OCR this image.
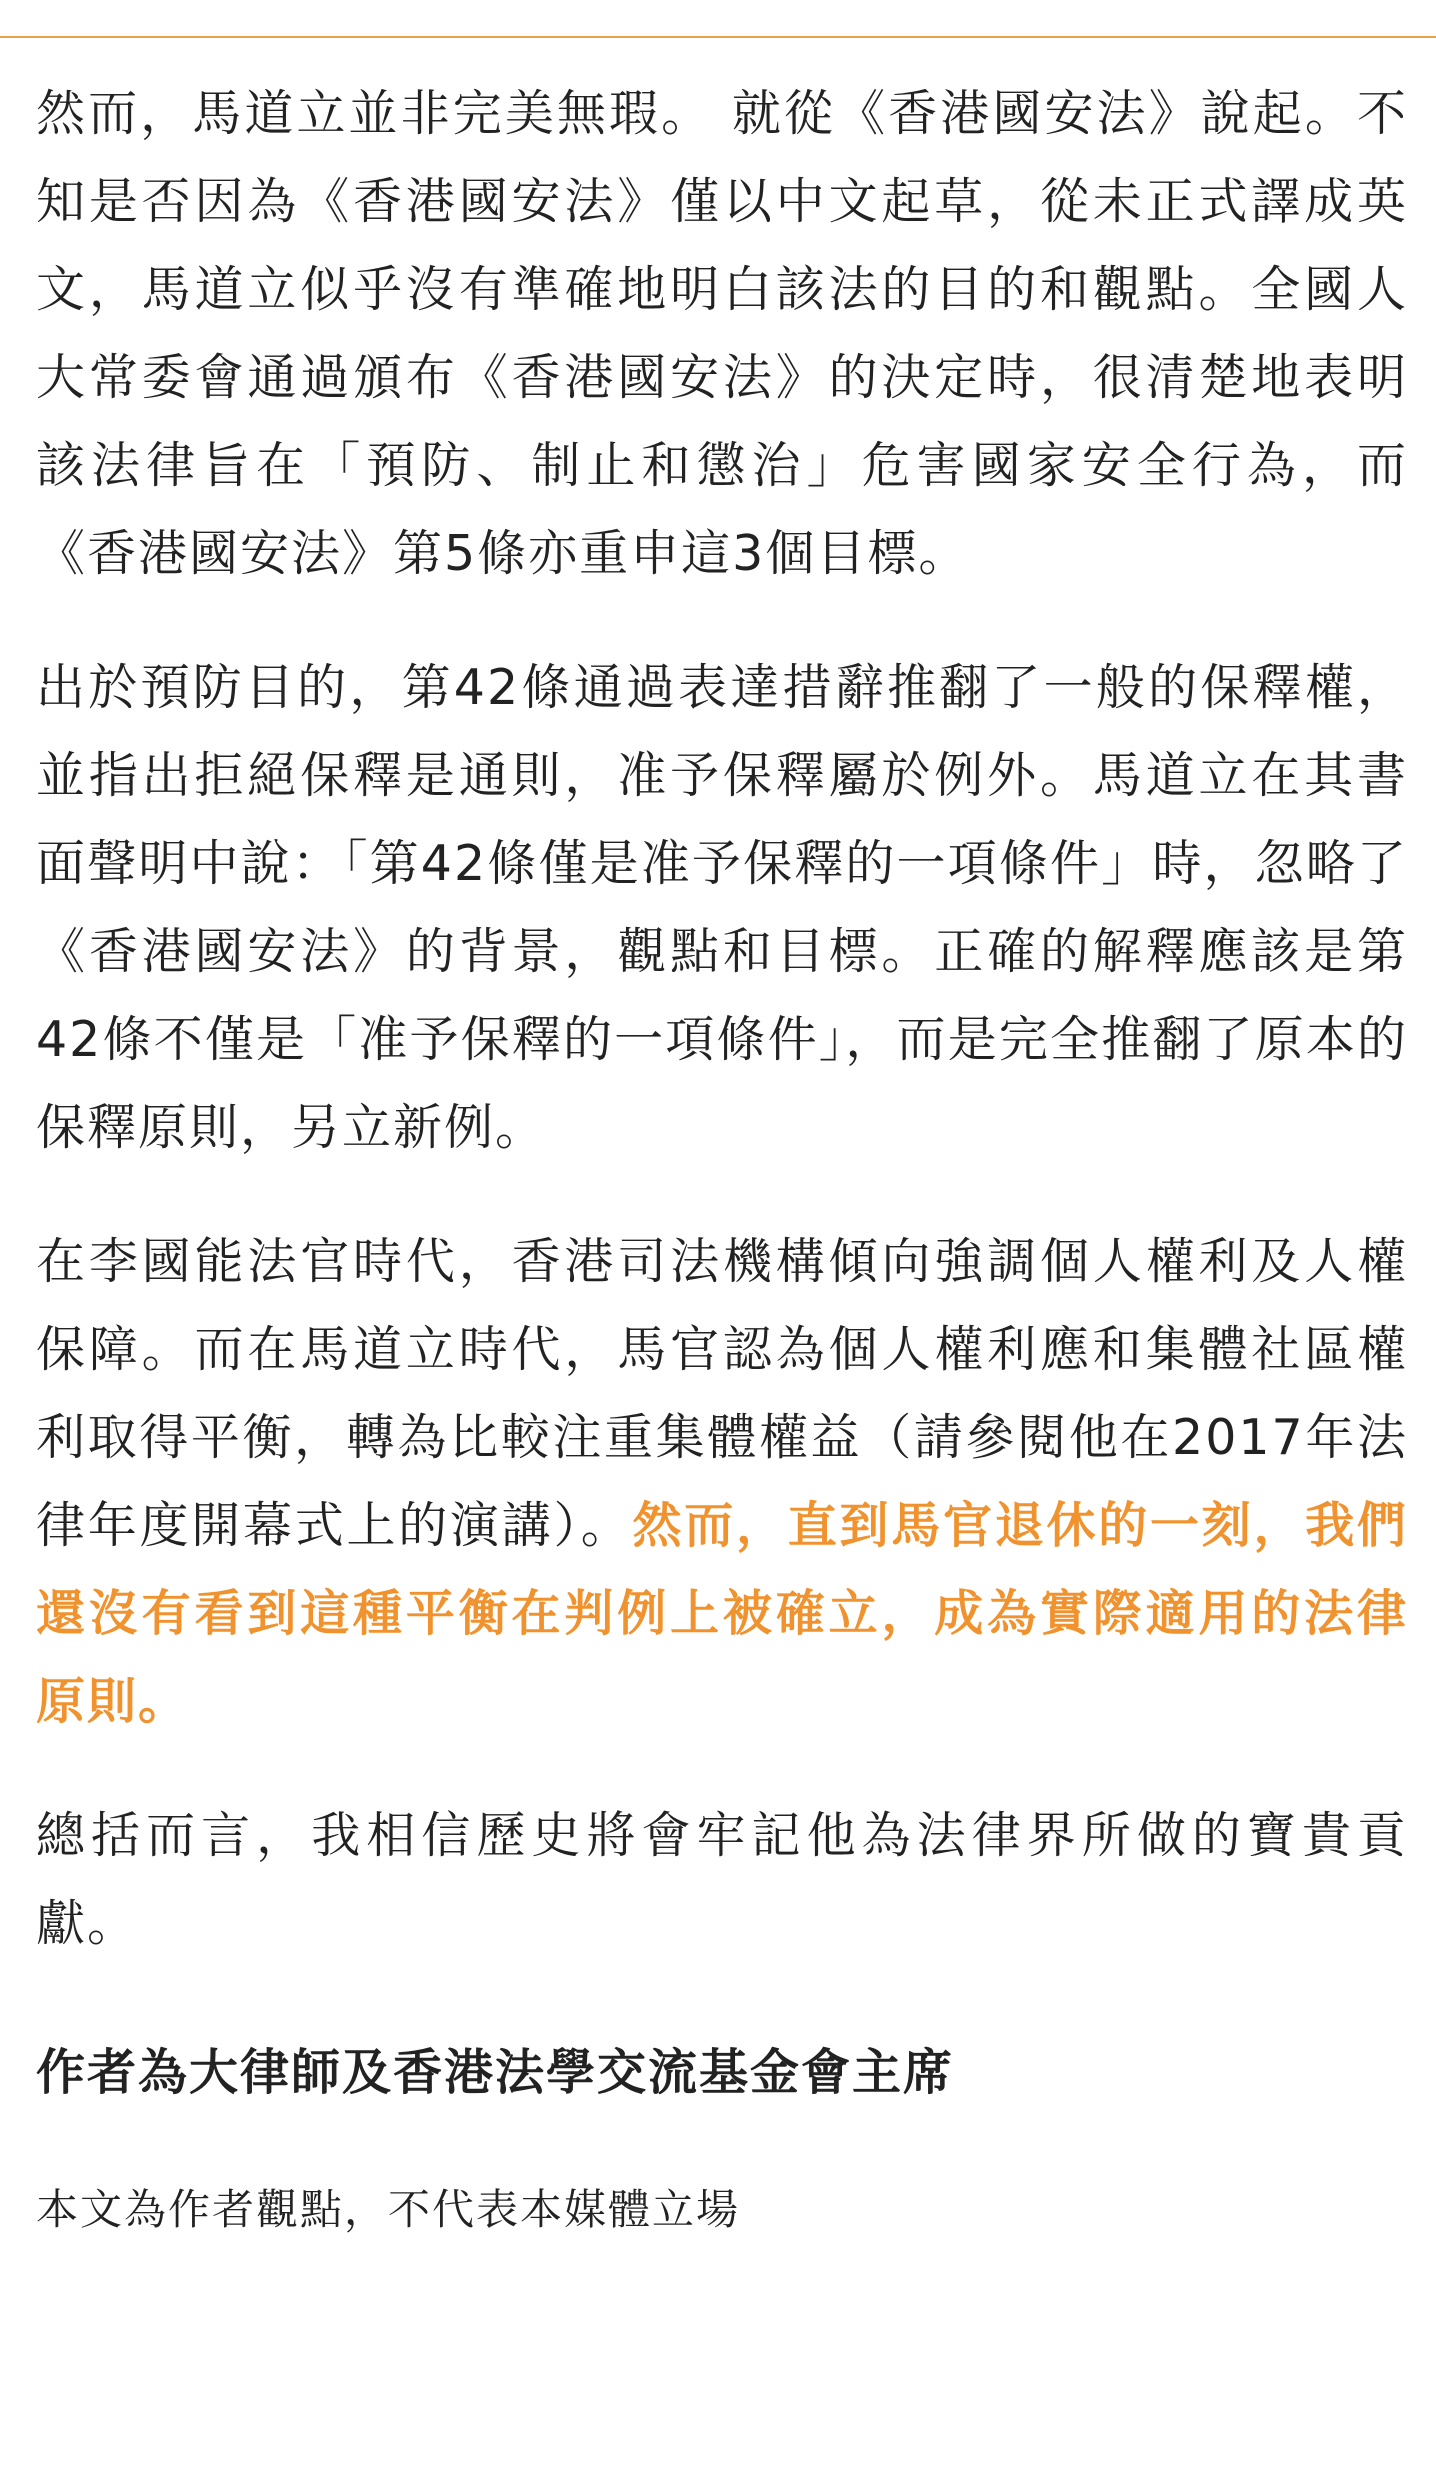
然而，馬道立並非完美無瑕。 就從《香港國安法》說起。不知是否因為《香港國安法》僅以中文起草，從未正式譯成英文，馬道立似乎沒有準確地明白該法的目的和觀點。全國人大常委會通過頒布《香港國安法》的決定時，很清楚地表明該法律旨在「預防、制止和懲治」危害國家安全行為，而《香港國安法》第5條亦重申這3個目標。

出於預防目的，第42條通過表達措辭推翻了一般的保釋權，並指出拒絕保釋是通則，准予保釋屬於例外。馬道立在其書面聲明中說：「第42條僅是准予保釋的一項條件」時，忽略了《香港國安法》的背景，觀點和目標。正確的解釋應該是第42條不僅是「准予保釋的一項條件」，而是完全推翻了原本的保釋原則，另立新例。

在李國能法官時代，香港司法機構傾向強調個人權利及人權保障。而在馬道立時代，馬官認為個人權利應和集體社區權利取得平衡，轉為比較注重集體權益（請參閱他在2017年法律年度開幕式上的演講）。然而，直到馬官退休的一刻，我們還沒有看到這種平衡在判例上被確立，成為實際適用的法律原則。

總括而言，我相信歷史將會牢記他為法律界所做的寶貴貢獻。

作者為大律師及香港法學交流基金會主席

本文為作者觀點，不代表本媒體立場
